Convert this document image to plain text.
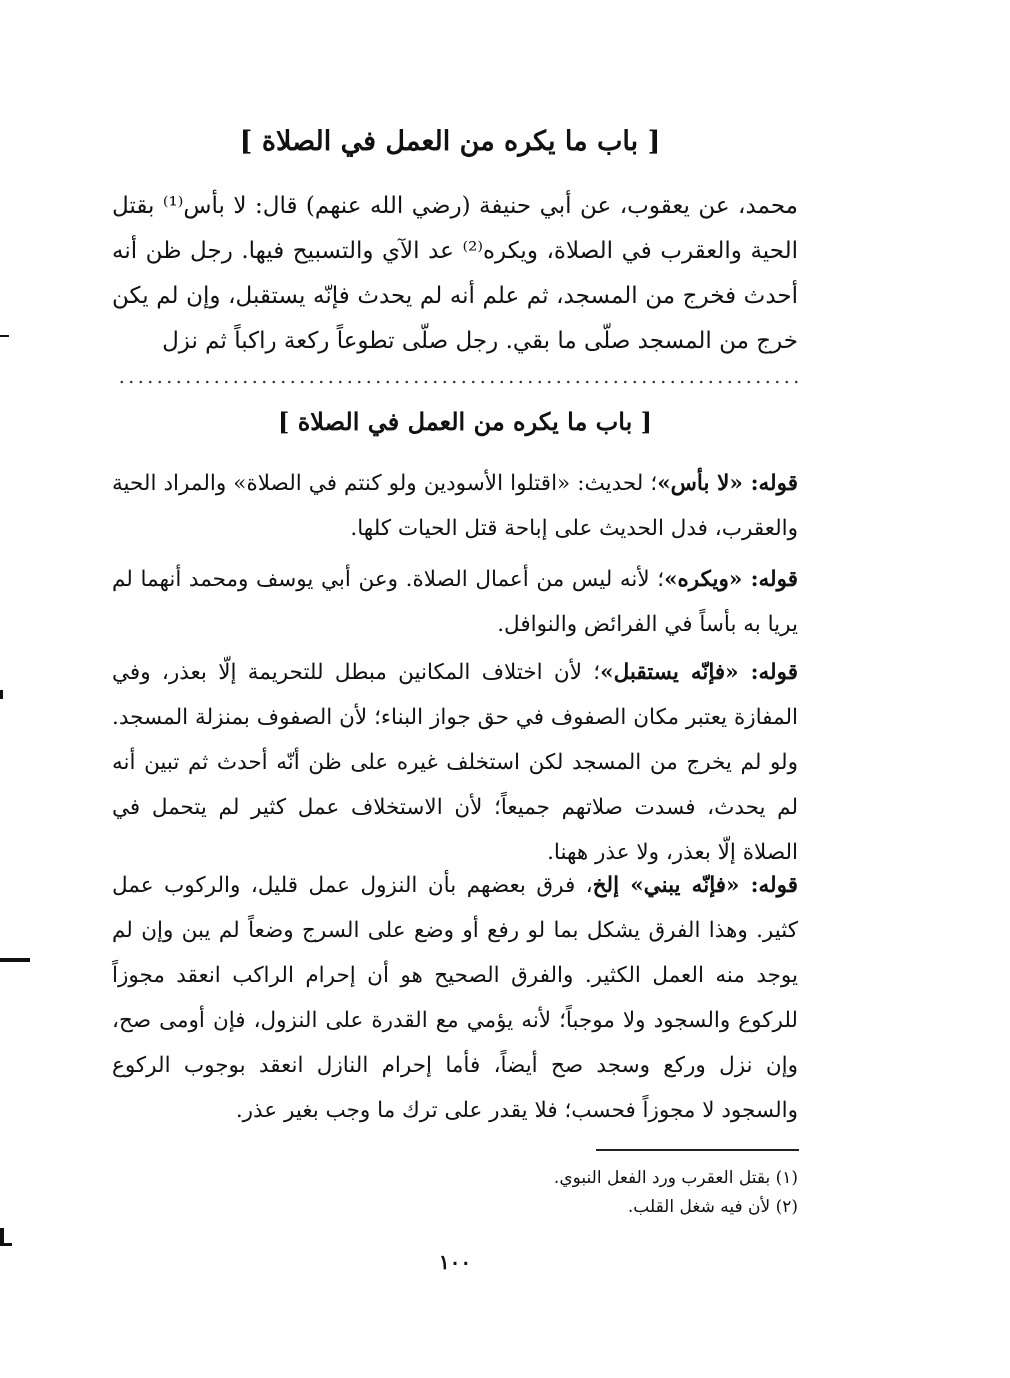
[ باب ما يكره من العمل في الصلاة ]
محمد، عن يعقوب، عن أبي حنيفة (رضي الله عنهم) قال: لا بأس⁽¹⁾ بقتل الحية والعقرب في الصلاة، ويكره⁽²⁾ عد الآي والتسبيح فيها. رجل ظن أنه أحدث فخرج من المسجد، ثم علم أنه لم يحدث فإنّه يستقبل، وإن لم يكن خرج من المسجد صلّى ما بقي. رجل صلّى تطوعاً ركعة راكباً ثم نزل
[ باب ما يكره من العمل في الصلاة ]
قوله: «لا بأس»؛ لحديث: «اقتلوا الأسودين ولو كنتم في الصلاة» والمراد الحية والعقرب، فدل الحديث على إباحة قتل الحيات كلها.
قوله: «ويكره»؛ لأنه ليس من أعمال الصلاة. وعن أبي يوسف ومحمد أنهما لم يريا به بأساً في الفرائض والنوافل.
قوله: «فإنّه يستقبل»؛ لأن اختلاف المكانين مبطل للتحريمة إلّا بعذر، وفي المفازة يعتبر مكان الصفوف في حق جواز البناء؛ لأن الصفوف بمنزلة المسجد. ولو لم يخرج من المسجد لكن استخلف غيره على ظن أنّه أحدث ثم تبين أنه لم يحدث، فسدت صلاتهم جميعاً؛ لأن الاستخلاف عمل كثير لم يتحمل في الصلاة إلّا بعذر، ولا عذر ههنا.
قوله: «فإنّه يبني» إلخ، فرق بعضهم بأن النزول عمل قليل، والركوب عمل كثير. وهذا الفرق يشكل بما لو رفع أو وضع على السرج وضعاً لم يبن وإن لم يوجد منه العمل الكثير. والفرق الصحيح هو أن إحرام الراكب انعقد مجوزاً للركوع والسجود ولا موجباً؛ لأنه يؤمي مع القدرة على النزول، فإن أومى صح، وإن نزل وركع وسجد صح أيضاً، فأما إحرام النازل انعقد بوجوب الركوع والسجود لا مجوزاً فحسب؛ فلا يقدر على ترك ما وجب بغير عذر.
(١) بقتل العقرب ورد الفعل النبوي.
(٢) لأن فيه شغل القلب.
١٠٠
